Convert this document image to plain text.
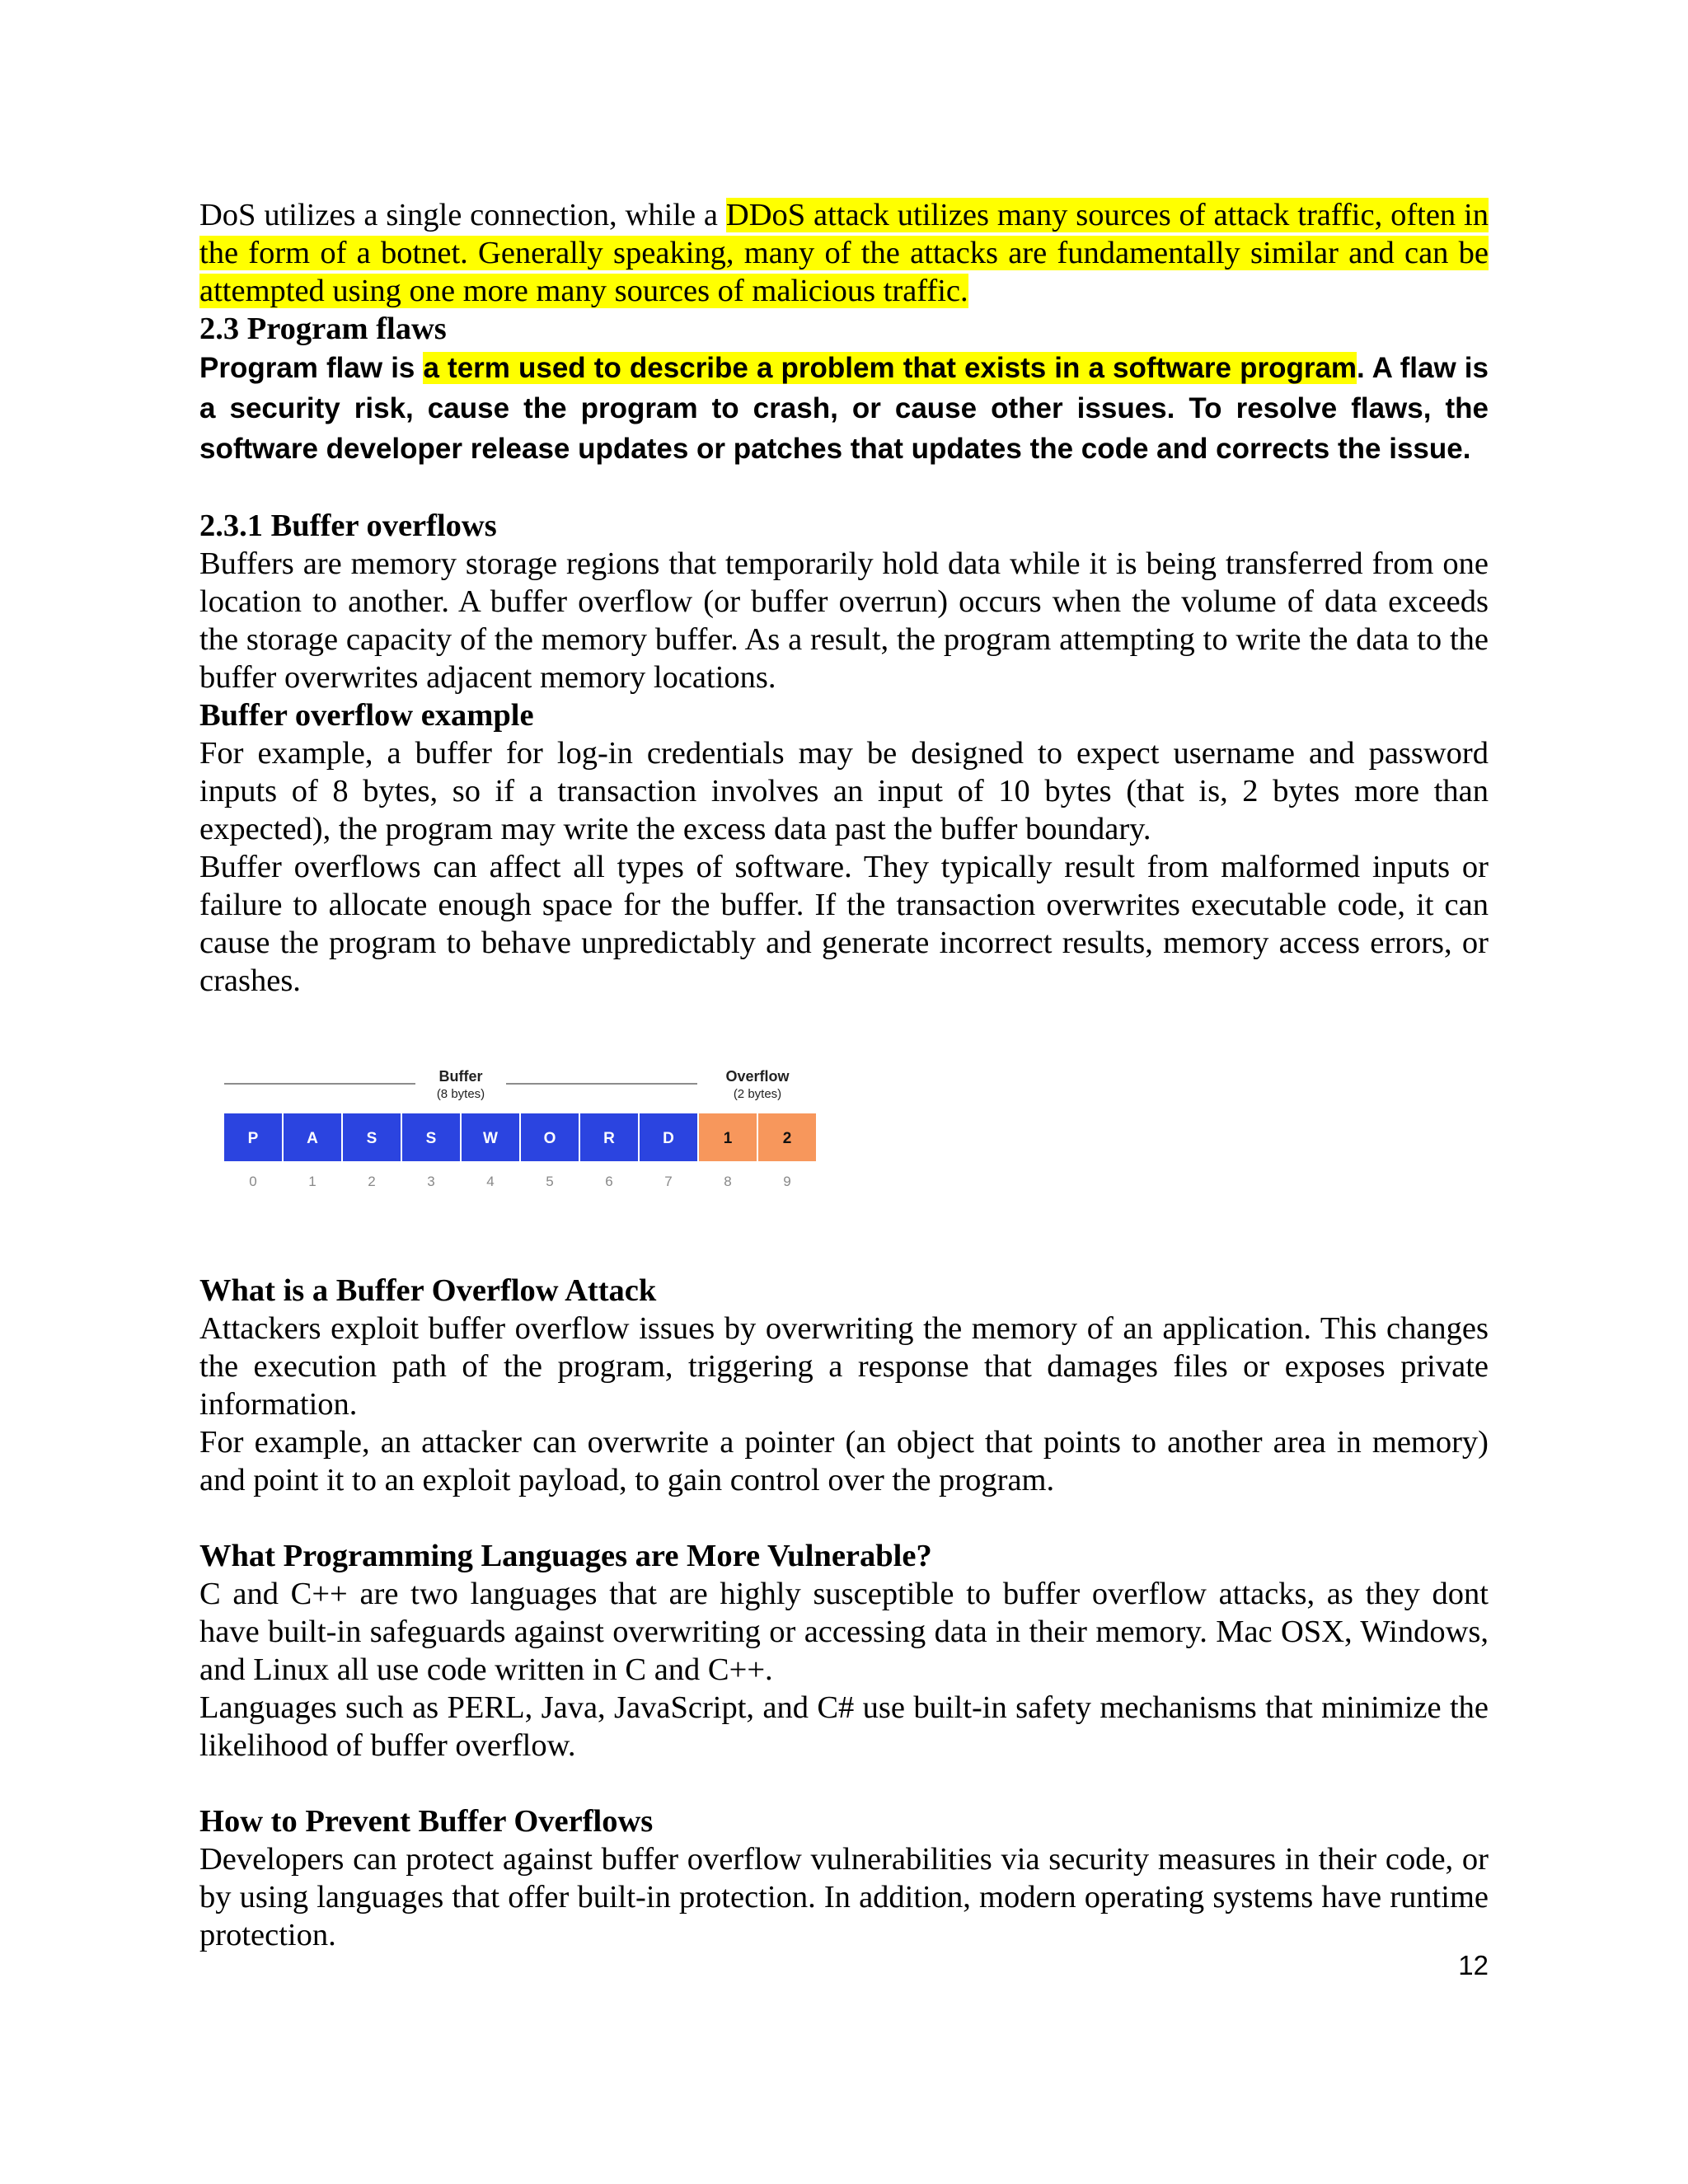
DoS utilizes a single connection, while a DDoS attack utilizes many sources of attack traffic, often in the form of a botnet. Generally speaking, many of the attacks are fundamentally similar and can be attempted using one more many sources of malicious traffic.

2.3 Program flaws

Program flaw is a term used to describe a problem that exists in a software program. A flaw is a security risk, cause the program to crash, or cause other issues. To resolve flaws, the software developer release updates or patches that updates the code and corrects the issue.

2.3.1 Buffer overflows

Buffers are memory storage regions that temporarily hold data while it is being transferred from one location to another. A buffer overflow (or buffer overrun) occurs when the volume of data exceeds the storage capacity of the memory buffer. As a result, the program attempting to write the data to the buffer overwrites adjacent memory locations.

Buffer overflow example

For example, a buffer for log-in credentials may be designed to expect username and password inputs of 8 bytes, so if a transaction involves an input of 10 bytes (that is, 2 bytes more than expected), the program may write the excess data past the buffer boundary.

Buffer overflows can affect all types of software. They typically result from malformed inputs or failure to allocate enough space for the buffer. If the transaction overwrites executable code, it can cause the program to behave unpredictably and generate incorrect results, memory access errors, or crashes.

Buffer
(8 bytes)
Overflow
(2 bytes)
P
0
A
1
S
2
S
3
W
4
O
5
R
6
D
7
1
8
2
9

What is a Buffer Overflow Attack

Attackers exploit buffer overflow issues by overwriting the memory of an application. This changes the execution path of the program, triggering a response that damages files or exposes private information.

For example, an attacker can overwrite a pointer (an object that points to another area in memory) and point it to an exploit payload, to gain control over the program.

What Programming Languages are More Vulnerable?

C and C++ are two languages that are highly susceptible to buffer overflow attacks, as they dont have built-in safeguards against overwriting or accessing data in their memory. Mac OSX, Windows, and Linux all use code written in C and C++.

Languages such as PERL, Java, JavaScript, and C# use built-in safety mechanisms that minimize the likelihood of buffer overflow.

How to Prevent Buffer Overflows

Developers can protect against buffer overflow vulnerabilities via security measures in their code, or by using languages that offer built-in protection. In addition, modern operating systems have runtime protection.

12
